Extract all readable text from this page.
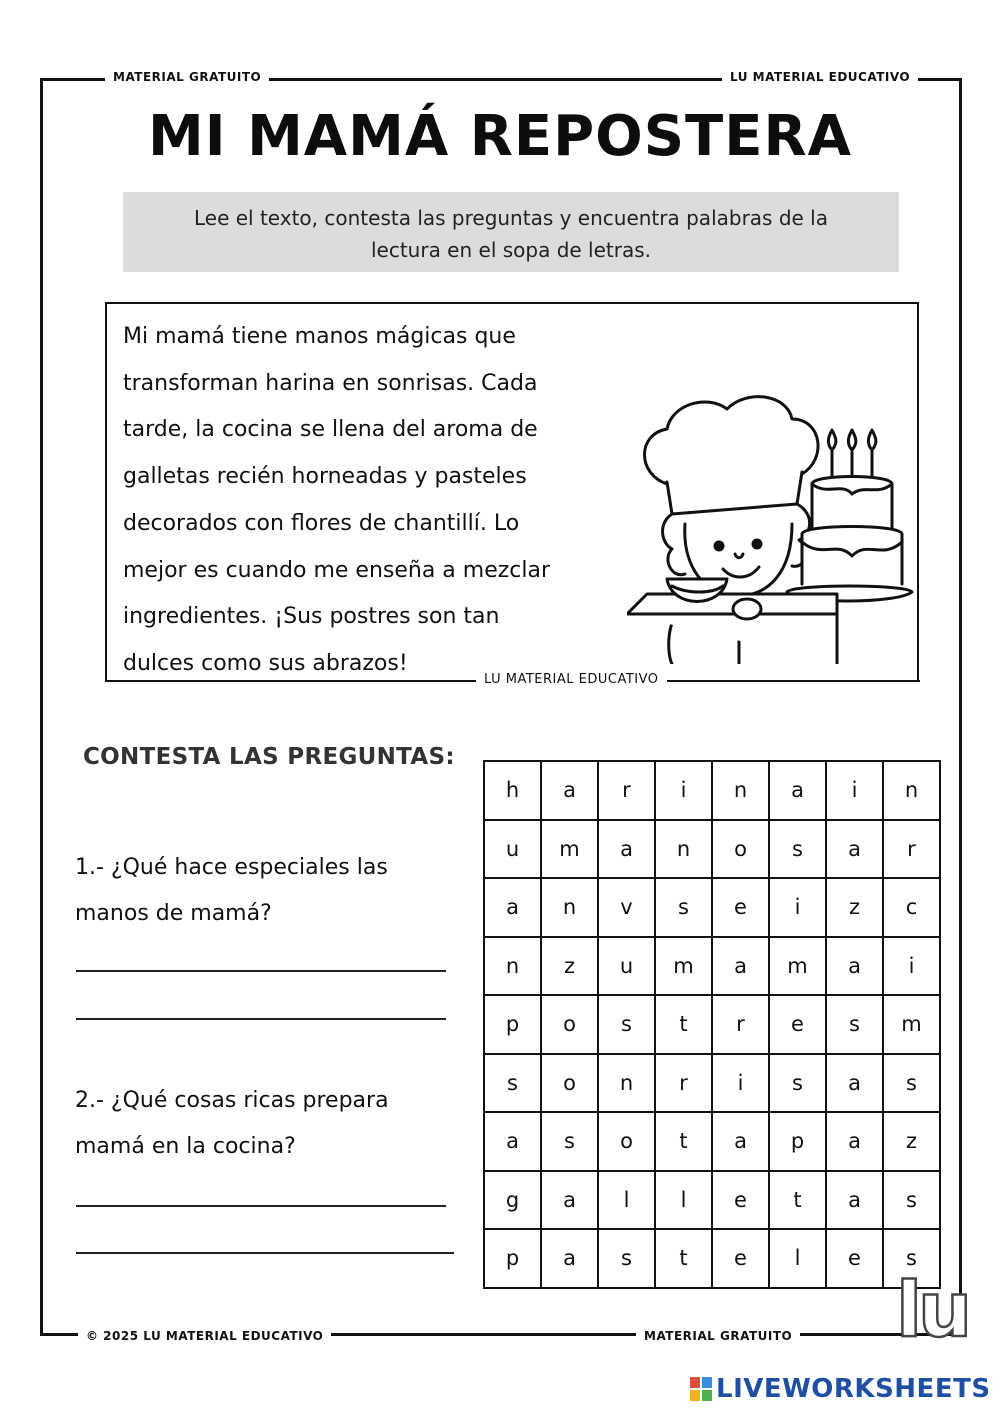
MATERIAL GRATUITO	LU MATERIAL EDUCATIVO
MI MAMÁ REPOSTERA
Lee el texto, contesta las preguntas y encuentra palabras de la
lectura en el sopa de letras.
Mi mamá tiene manos mágicas que
transforman harina en sonrisas. Cada
tarde, la cocina se llena del aroma de
galletas recién horneadas y pasteles
decorados con flores de chantillí. Lo
mejor es cuando me enseña a mezclar
ingredientes. ¡Sus postres son tan
dulces como sus abrazos!
LU MATERIAL EDUCATIVO
CONTESTA LAS PREGUNTAS:
1.- ¿Qué hace especiales las
manos de mamá?
2.- ¿Qué cosas ricas prepara
mamá en la cocina?
h	a	r	i	n	a	i	n
u	m	a	n	o	s	a	r
a	n	v	s	e	i	z	c
n	z	u	m	a	m	a	i
p	o	s	t	r	e	s	m
s	o	n	r	i	s	a	s
a	s	o	t	a	p	a	z
g	a	l	l	e	t	a	s
p	a	s	t	e	l	e	s
© 2025 LU MATERIAL EDUCATIVO	MATERIAL GRATUITO lu
LIVEWORKSHEETS
